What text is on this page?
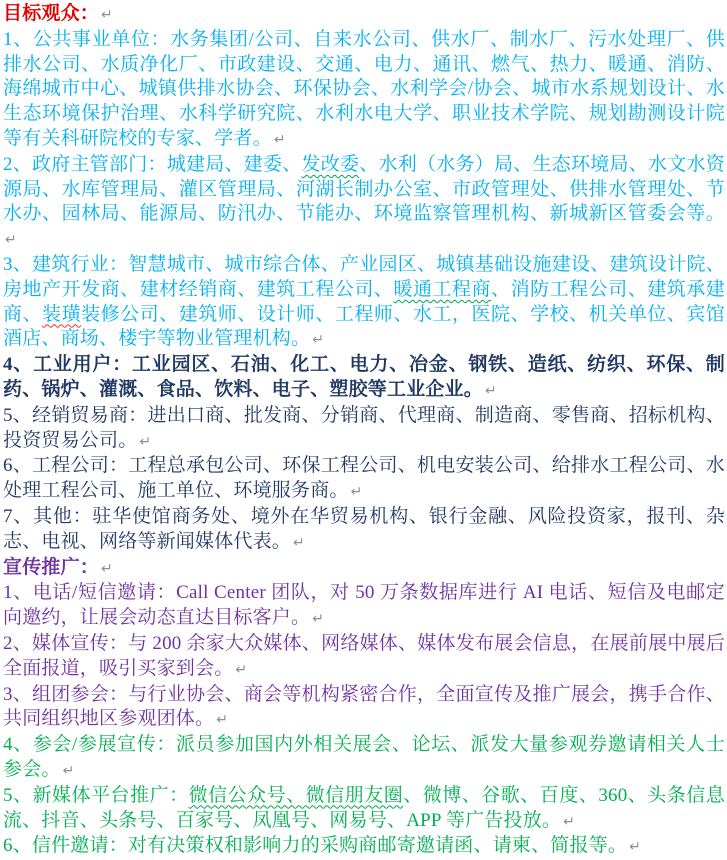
目标观众： ↵

1、公共事业单位：水务集团/公司、自来水公司、供水厂、制水厂、污水处理厂、供排水公司、水质净化厂、市政建设、交通、电力、通讯、燃气、热力、暖通、消防、海绵城市中心、城镇供排水协会、环保协会、水利学会/协会、城市水系规划设计、水生态环境保护治理、水科学研究院、水利水电大学、职业技术学院、规划勘测设计院等有关科研院校的专家、学者。 ↵

2、政府主管部门：城建局、建委、发改委、水利（水务）局、生态环境局、水文水资源局、水库管理局、灌区管理局、河湖长制办公室、市政管理处、供排水管理处、节水办、园林局、能源局、防汛办、节能办、环境监察管理机构、新城新区管委会等。↵

3、建筑行业：智慧城市、城市综合体、产业园区、城镇基础设施建设、建筑设计院、房地产开发商、建材经销商、建筑工程公司、暖通工程商、消防工程公司、建筑承建商、装璜装修公司、建筑师、设计师、工程师、水工，医院、学校、机关单位、宾馆酒店、商场、楼宇等物业管理机构。 ↵

4、工业用户：工业园区、石油、化工、电力、冶金、钢铁、造纸、纺织、环保、制药、锅炉、灌溉、食品、饮料、电子、塑胶等工业企业。 ↵

5、经销贸易商：进出口商、批发商、分销商、代理商、制造商、零售商、招标机构、投资贸易公司。 ↵

6、工程公司：工程总承包公司、环保工程公司、机电安装公司、给排水工程公司、水处理工程公司、施工单位、环境服务商。 ↵

7、其他：驻华使馆商务处、境外在华贸易机构、银行金融、风险投资家，报刊、杂志、电视、网络等新闻媒体代表。 ↵

宣传推广： ↵

1、电话/短信邀请：Call Center 团队，对 50 万条数据库进行 AI 电话、短信及电邮定向邀约，让展会动态直达目标客户。 ↵

2、媒体宣传：与 200 余家大众媒体、网络媒体、媒体发布展会信息，在展前展中展后全面报道，吸引买家到会。 ↵

3、组团参会：与行业协会、商会等机构紧密合作，全面宣传及推广展会，携手合作、共同组织地区参观团体。 ↵

4、参会/参展宣传：派员参加国内外相关展会、论坛、派发大量参观券邀请相关人士参会。 ↵

5、新媒体平台推广：微信公众号、微信朋友圈、微博、谷歌、百度、360、头条信息流、抖音、头条号、百家号、凤凰号、网易号、APP 等广告投放。 ↵

6、信件邀请：对有决策权和影响力的采购商邮寄邀请函、请柬、简报等。 ↵
